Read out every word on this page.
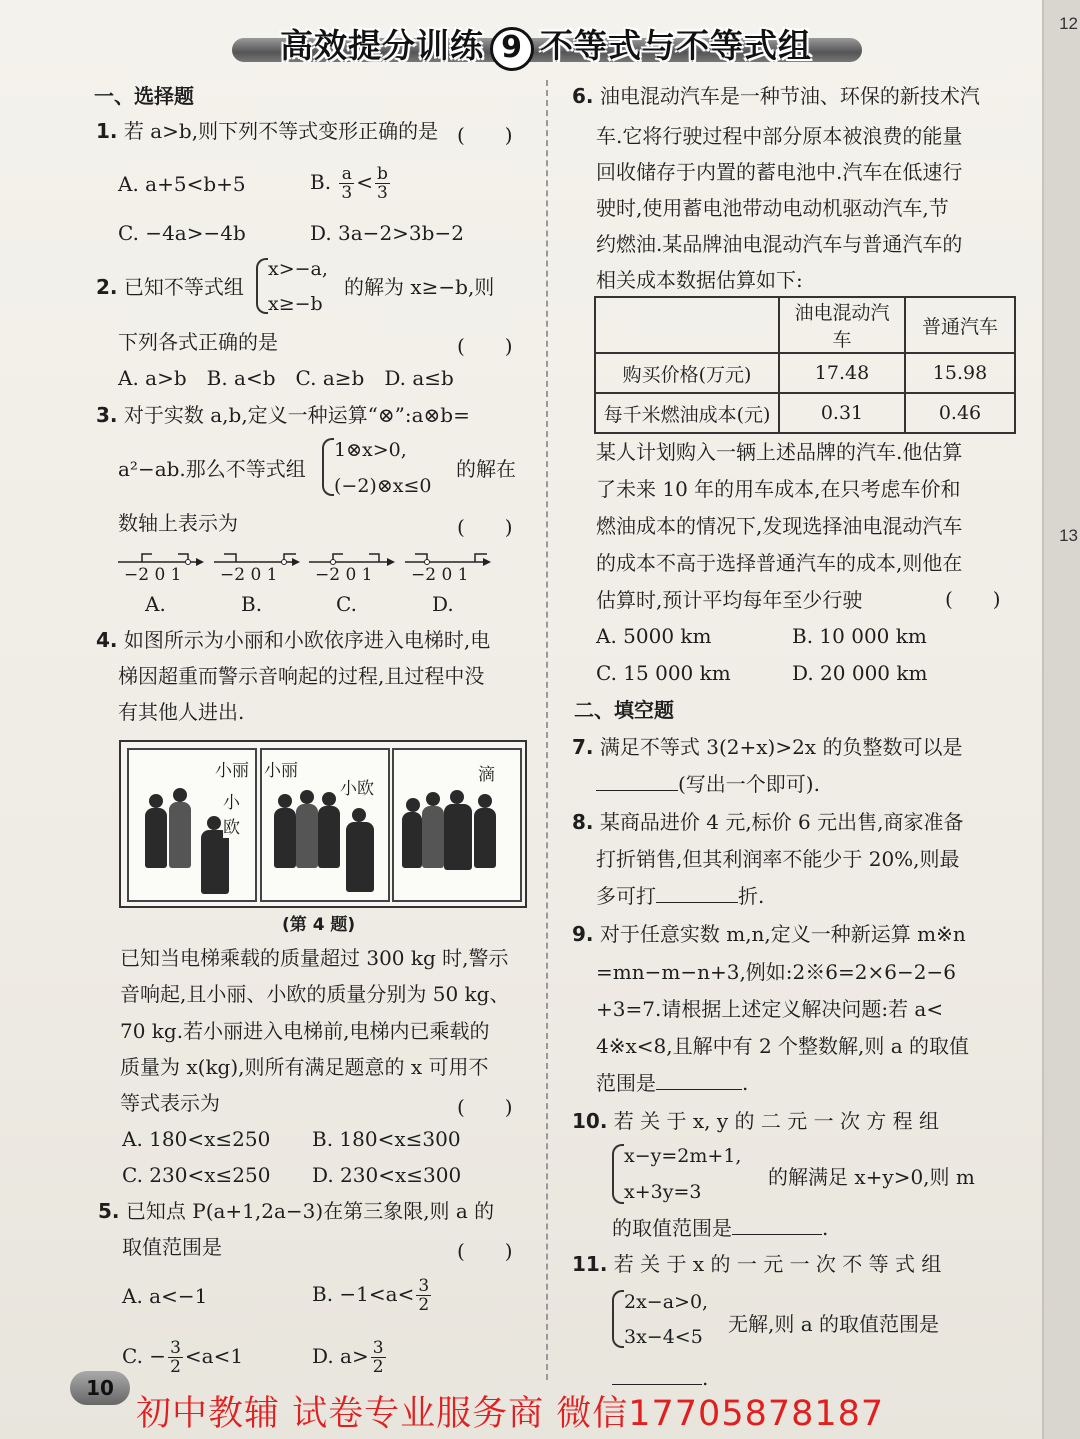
12
13
高效提分训练 9 不等式与不等式组
一、选择题
1. 若 a>b,则下列不等式变形正确的是 (　　)
A. a+5<b+5	B. $\frac{a}{3} < \frac{b}{3}$
C. −4a>−4b	D. 3a−2>3b−2
2. 已知不等式组
x>−a,
x≥−b
的解为 x≥−b,则
下列各式正确的是	(　　)
A. a>b　B. a<b　C. a≥b　D. a≤b
3. 对于实数 a,b,定义一种运算“⊗”:a⊗b=
a²−ab.那么不等式组
1⊗x>0,
(−2)⊗x≤0
的解在
数轴上表示为	(　　)
−2 0 1 −2 0 1 −2 0 1 −2 0 1
A.	B.	C.	D.
4. 如图所示为小丽和小欧依序进入电梯时,电
梯因超重而警示音响起的过程,且过程中没
有其他人进出.
小丽
小欧
小丽
小欧
滴
(第 4 题)
已知当电梯乘载的质量超过 300 kg 时,警示
音响起,且小丽、小欧的质量分别为 50 kg、
70 kg.若小丽进入电梯前,电梯内已乘载的
质量为 x(kg),则所有满足题意的 x 可用不
等式表示为	(　　)
A. 180<x≤250 B. 180<x≤300
C. 230<x≤250 D. 230<x≤300
5. 已知点 P(a+1,2a−3)在第三象限,则 a 的
取值范围是	(　　)
A. a<−1	B. $-1<a< \frac{3}{2}$
C. − $\frac{3}{2} <a<1$	D. $a> \frac{3}{2}$
6. 油电混动汽车是一种节油、环保的新技术汽
车.它将行驶过程中部分原本被浪费的能量
回收储存于内置的蓄电池中.汽车在低速行
驶时,使用蓄电池带动电动机驱动汽车,节
约燃油.某品牌油电混动汽车与普通汽车的
相关成本数据估算如下:
	油电混动汽车	普通汽车
购买价格(万元)	17.48	15.98
每千米燃油成本(元)	0.31	0.46
某人计划购入一辆上述品牌的汽车.他估算
了未来 10 年的用车成本,在只考虑车价和
燃油成本的情况下,发现选择油电混动汽车
的成本不高于选择普通汽车的成本,则他在
估算时,预计平均每年至少行驶	(　　)
A. 5000 km	B. 10 000 km
C. 15 000 km	D. 20 000 km
二、填空题
7. 满足不等式 3(2+x)>2x 的负整数可以是
(写出一个即可).
8. 某商品进价 4 元,标价 6 元出售,商家准备
打折销售,但其利润率不能少于 20%,则最
多可打	折.
9. 对于任意实数 m,n,定义一种新运算 m※n
=mn−m−n+3,例如:2※6=2×6−2−6
+3=7.请根据上述定义解决问题:若 a<
4※x<8,且解中有 2 个整数解,则 a 的取值
范围是	.
10. 若 关 于 x, y 的 二 元 一 次 方 程 组
x−y=2m+1,
x+3y=3
的解满足 x+y>0,则 m
的取值范围是	.
11. 若 关 于 x 的 一 元 一 次 不 等 式 组
2x−a>0,
3x−4<5
无解,则 a 的取值范围是
.
10
初中教辅 试卷专业服务商 微信17705878187
